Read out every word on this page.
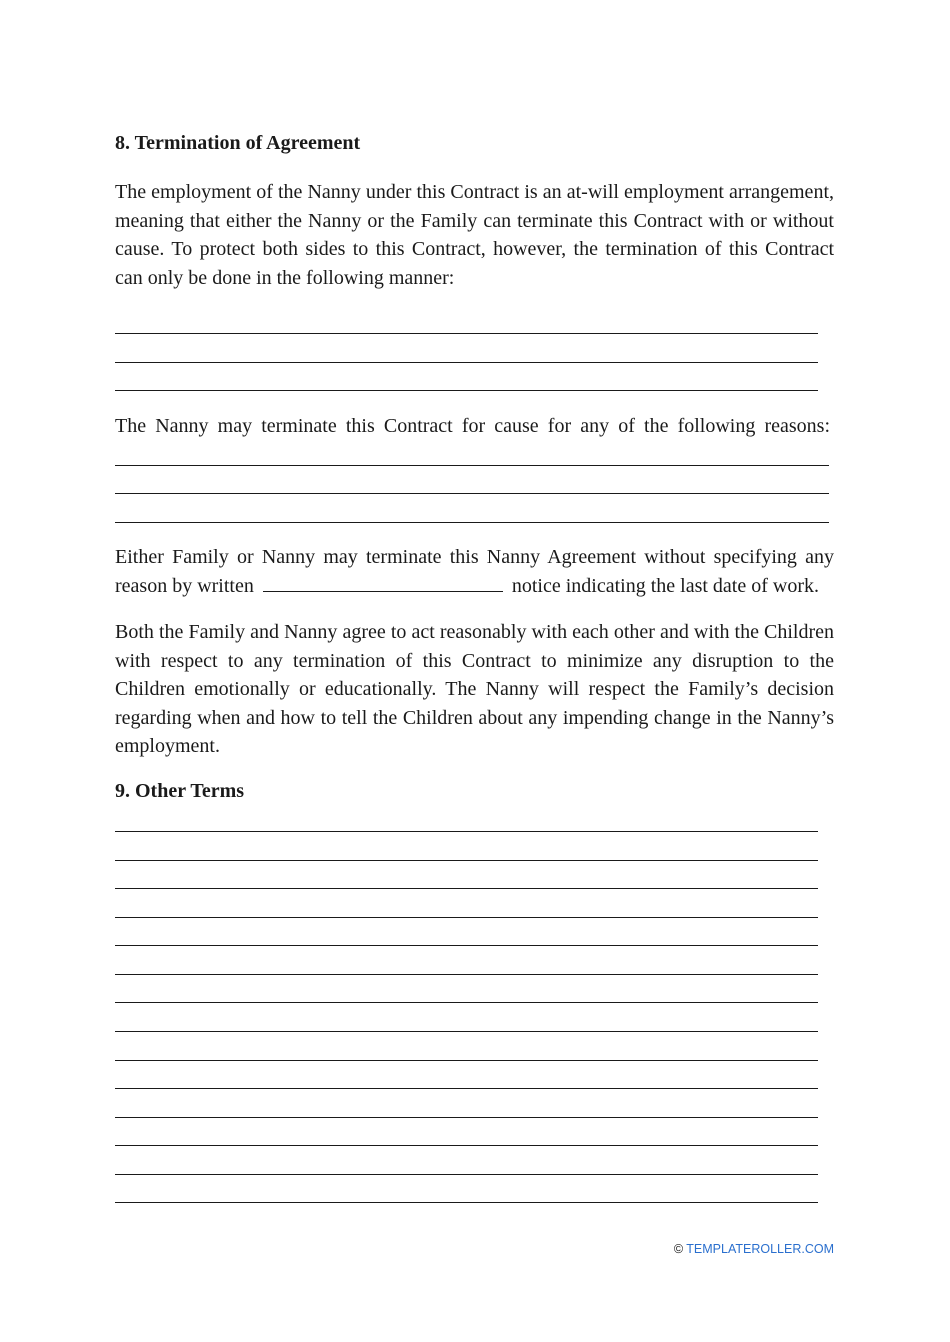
8. Termination of Agreement

The employment of the Nanny under this Contract is an at-will employment arrangement, meaning that either the Nanny or the Family can terminate this Contract with or without cause. To protect both sides to this Contract, however, the termination of this Contract can only be done in the following manner:

The Nanny may terminate this Contract for cause for any of the following reasons:

Either Family or Nanny may terminate this Nanny Agreement without specifying any reason by written	notice indicating the last date of work.

Both the Family and Nanny agree to act reasonably with each other and with the Children with respect to any termination of this Contract to minimize any disruption to the Children emotionally or educationally. The Nanny will respect the Family’s decision regarding when and how to tell the Children about any impending change in the Nanny’s employment.

9. Other Terms
© TEMPLATEROLLER.COM
